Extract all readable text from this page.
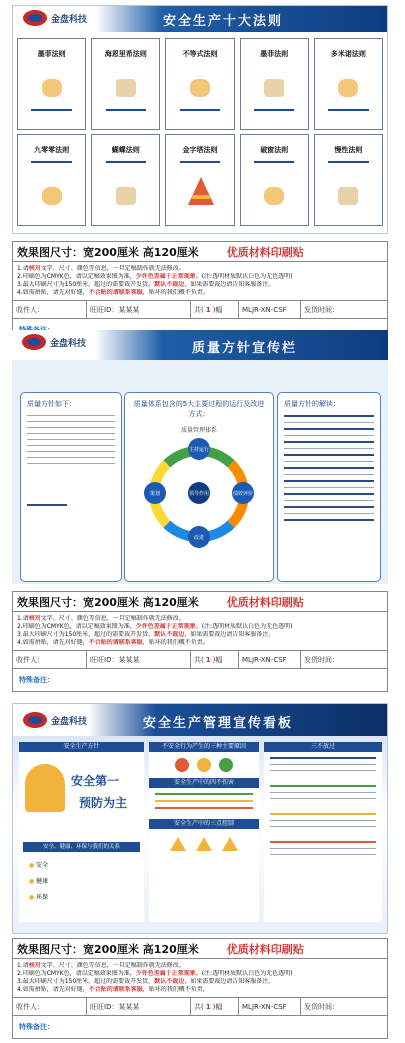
金盘科技	安全生产十大法则
墨菲法则	海恩里希法则	不等式法则	墨菲法则	多米诺法则
九零零法则	蝴蝶法则	金字塔法则	破窗法则	慢性法则
效果图尺寸：宽200厘米 高120厘米	优质材料印刷贴
1.请核对文字、尺寸、颜色等信息，一旦定稿制作就无法修改。
2.印刷色为CMYK色，请以定稿效果图为准，少许色差属于正常现象。(注:透明材质默认白色为无色透明)
3.最大印刷尺寸为150厘米，超过的需要裁开发货，默认不裁边，如果需要裁边请告知客服备注。
4.如需拼贴，请先对好缝，不合贴的请联系客服，贴坏的我们概不负责。
收件人：	旺旺ID：某某某	共( 1 )幅	MLJR-XN-CSF	发货时间：
金盘科技	质量方针宣传栏
质量方针如下：	质量体系包含的5大主要过程的运行及改进方式：
质量管理体系
主持运行
策划	领导作用	绩效评价
改进
质量方针的解读：
效果图尺寸：宽200厘米 高120厘米	优质材料印刷贴
1.请核对文字、尺寸、颜色等信息，一旦定稿制作就无法修改。
2.印刷色为CMYK色，请以定稿效果图为准，少许色差属于正常现象。(注:透明材质默认白色为无色透明)
3.最大印刷尺寸为150厘米，超过的需要裁开发货，默认不裁边，如果需要裁边请告知客服备注。
4.如需拼贴，请先对好缝，不合贴的请联系客服，贴坏的我们概不负责。
收件人：	旺旺ID：某某某	共( 1 )幅	MLJR-XN-CSF	发货时间：
特殊备注：
金盘科技	安全生产管理宣传看板
安全生产方针
安全第一
预防为主
安全、健康、环保与我们的关系
● 安全
● 健康
● 环保
不安全行为产生的三种主要原因
安全生产中的四不伤害
安全生产中的三点控制
三不放过
效果图尺寸：宽200厘米 高120厘米	优质材料印刷贴
1.请核对文字、尺寸、颜色等信息，一旦定稿制作就无法修改。
2.印刷色为CMYK色，请以定稿效果图为准，少许色差属于正常现象。(注:透明材质默认白色为无色透明)
3.最大印刷尺寸为150厘米，超过的需要裁开发货，默认不裁边，如果需要裁边请告知客服备注。
4.如需拼贴，请先对好缝，不合贴的请联系客服，贴坏的我们概不负责。
收件人：	旺旺ID：某某某	共( 1 )幅	MLJR-XN-CSF	发货时间：
特殊备注：
